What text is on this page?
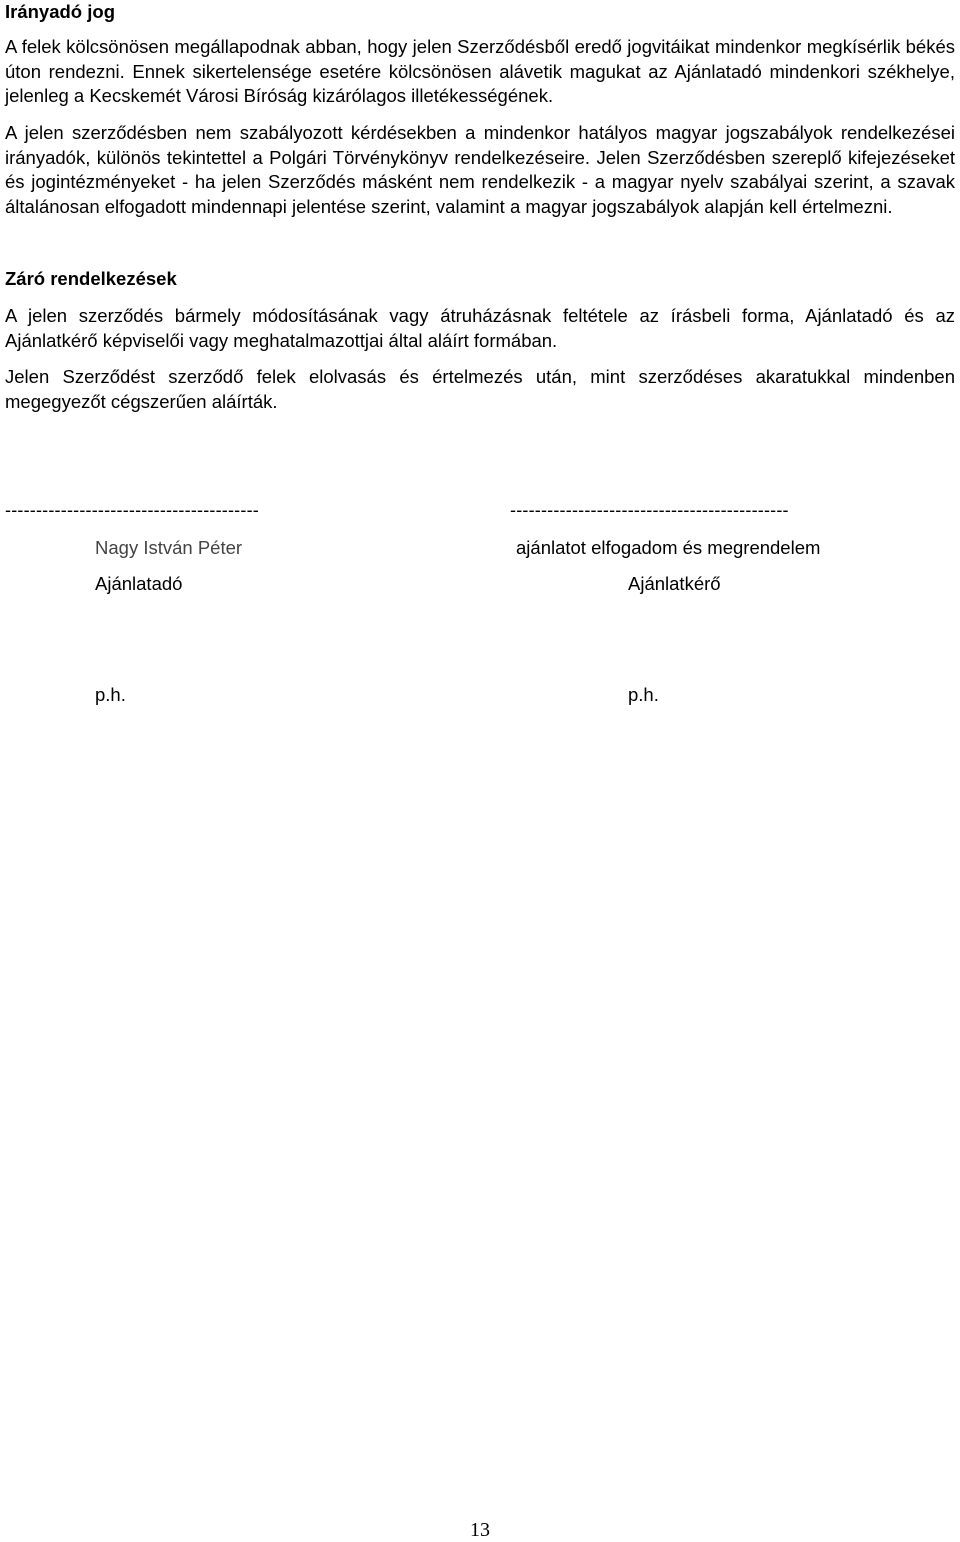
Irányadó jog

A felek kölcsönösen megállapodnak abban, hogy jelen Szerződésből eredő jogvitáikat mindenkor megkísérlik békés úton rendezni. Ennek sikertelensége esetére kölcsönösen alávetik magukat az Ajánlatadó mindenkori székhelye, jelenleg a Kecskemét Városi Bíróság kizárólagos illetékességének.

A jelen szerződésben nem szabályozott kérdésekben a mindenkor hatályos magyar jogszabályok rendelkezései irányadók, különös tekintettel a Polgári Törvénykönyv rendelkezéseire. Jelen Szerződésben szereplő kifejezéseket és jogintézményeket - ha jelen Szerződés másként nem rendelkezik - a magyar nyelv szabályai szerint, a szavak általánosan elfogadott mindennapi jelentése szerint, valamint a magyar jogszabályok alapján kell értelmezni.

Záró rendelkezések

A jelen szerződés bármely módosításának vagy átruházásnak feltétele az írásbeli forma, Ajánlatadó és az Ajánlatkérő képviselői vagy meghatalmazottjai által aláírt formában.

Jelen Szerződést szerződő felek elolvasás és értelmezés után, mint szerződéses akaratukkal mindenben megegyezőt cégszerűen aláírták.

-----------------------------------------	---------------------------------------------
Nagy István Péter	ajánlatot elfogadom és megrendelem
Ajánlatadó	Ajánlatkérő
p.h.	p.h.
13
